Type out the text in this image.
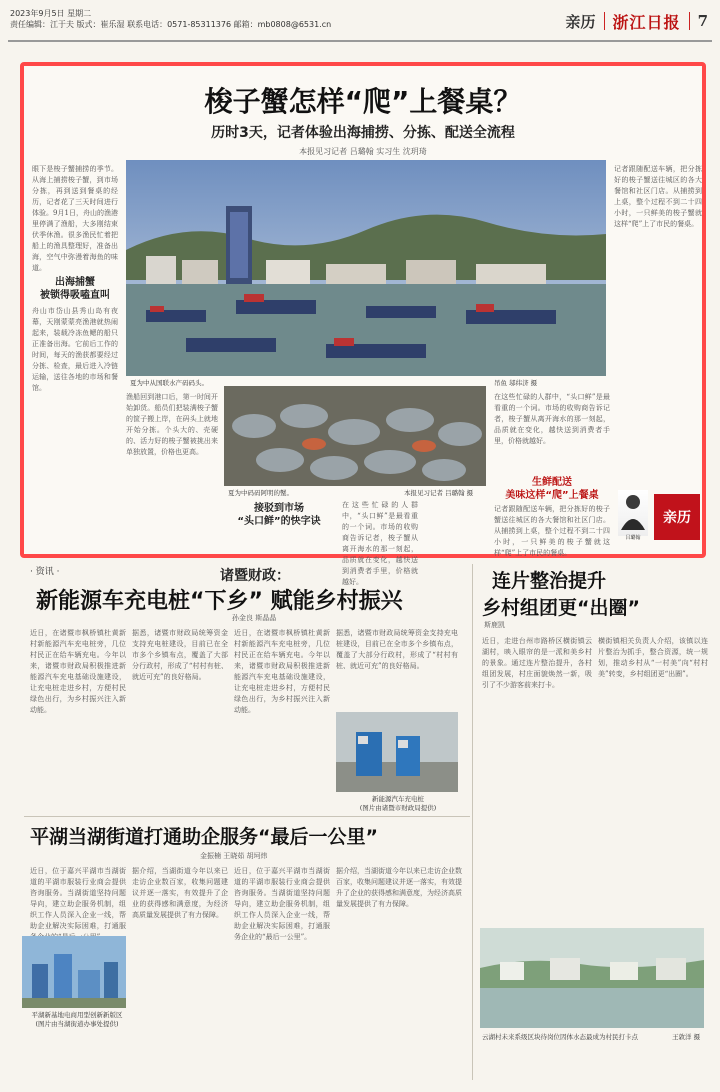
2023年9月5日 星期二
责任编辑：江于夫 版式：崔乐湿 联系电话：0571-85311376 邮箱：mb0808@6531.cn	亲历 浙江日报 7
梭子蟹怎样“爬”上餐桌？
历时3天，记者体验出海捕捞、分拣、配送全流程
本报见习记者 吕璐翰 实习生 沈玥琦
眼下是梭子蟹捕捞的季节。从海上捕捞梭子蟹，到市场分拣，再到送到餐桌的经历，记者花了三天时间进行体验。9月1日，舟山的渔港里停满了渔船，大多刚结束伏季休渔。很多渔民忙着把船上的渔具整理好，准备出海，空气中弥漫着海鱼的味道。
出海捕蟹
被锁得吸嗑直叫
舟山市岱山县秀山岛有夜幕，天刚蒙蒙亮渔港就热闹起来，装载冷冻鱼鳃的船只正准备出海。它前后工作的时间，每天的渔获都要经过分拣、检查，最后进入冷链运输，送往各地的市场和餐馆。
夏为中从国联水产码码头。	吊鱼 邬纬济 摄
记者跟随配送车辆，把分拣好的梭子蟹送往城区的各大餐馆和社区门店。从捕捞到上桌，整个过程不到二十四小时，一只鲜美的梭子蟹就这样“爬”上了市民的餐桌。
渔船回到港口后，第一时间开始卸货。船员们把装满梭子蟹的筐子搬上岸，在码头上就地开始分拣。个头大的、壳硬的、活力好的梭子蟹被挑出来单独放置，价格也更高。
夏为中码码阿明的蟹。	本报见习记者 吕璐翰 摄
接驳到市场
“头口鲜”的快字诀
在这些忙碌的人群中，“头口鲜”是最看重的一个词。市场的收购商告诉记者，梭子蟹从离开海水的那一刻起，品质就在变化，越快送到消费者手里，价格就越好。
在这些忙碌的人群中，“头口鲜”是最看重的一个词。市场的收购商告诉记者，梭子蟹从离开海水的那一刻起，品质就在变化，越快送到消费者手里，价格就越好。
生鲜配送
美味这样“爬”上餐桌
记者跟随配送车辆，把分拣好的梭子蟹送往城区的各大餐馆和社区门店。从捕捞到上桌，整个过程不到二十四小时，一只鲜美的梭子蟹就这样“爬”上了市民的餐桌。
吕璐翰
亲历
· 资讯 ·	诸暨财政：
新能源车充电桩“下乡” 赋能乡村振兴
孙金良 斯晶晶
近日，在诸暨市枫桥镇杜黄新村新能源汽车充电桩旁，几位村民正在给车辆充电。今年以来，诸暨市财政局积极推进新能源汽车充电基础设施建设，让充电桩走进乡村，方便村民绿色出行，为乡村振兴注入新动能。
据悉，诸暨市财政局统筹资金支持充电桩建设，目前已在全市多个乡镇布点，覆盖了大部分行政村，形成了“村村有桩、就近可充”的良好格局。
近日，在诸暨市枫桥镇杜黄新村新能源汽车充电桩旁，几位村民正在给车辆充电。今年以来，诸暨市财政局积极推进新能源汽车充电基础设施建设，让充电桩走进乡村，方便村民绿色出行，为乡村振兴注入新动能。
据悉，诸暨市财政局统筹资金支持充电桩建设，目前已在全市多个乡镇布点，覆盖了大部分行政村，形成了“村村有桩、就近可充”的良好格局。
新能源汽车充电桩
(图片由诸暨市财政局提供)
连片整治提升
乡村组团更“出圈”
斯鹿凯
近日，走进台州市路桥区横街镇云湖村，映入眼帘的是一派和美乡村的景象。通过连片整治提升，各村组团发展，村庄面貌焕然一新，吸引了不少游客前来打卡。
横街镇相关负责人介绍，该镇以连片整治为抓手，整合资源，统一规划，推动乡村从“一村美”向“村村美”转变，乡村组团更“出圈”。
平湖当湖街道打通助企服务“最后一公里”
金振楠 王晓茹 胡坷炜
近日，位于嘉兴平湖市当湖街道的平湖市服装行业商会提供咨询服务。当湖街道坚持问题导向，建立助企服务机制，组织工作人员深入企业一线，帮助企业解决实际困难，打通服
平湖新基地电商用型创新新版区
(图片由当湖街道办事处提供)
据介绍，当湖街道今年以来已走访企业数百家，收集问题建议并逐一落实，有效提升了企业的获得感和满意度，为经济高质量发展提供了有力保障。
近日，位于嘉兴平湖市当湖街道的平湖市服装行业商会提供咨询服务。当湖街道坚持问题导向，建立助企服务机制，组织工作人员深入企业一线，帮助企业解决实际困难，打通服务企业的“最后一公里”。
据介绍，当湖街道今年以来已走访企业数百家，收集问题建议并逐一落实，有效提升了企业的获得感和满意度，为经济高质量发展提供了有力保障。
云湖村未来系级区块待岗位因体水态最成为村民打卡点	王敦洋 摄
